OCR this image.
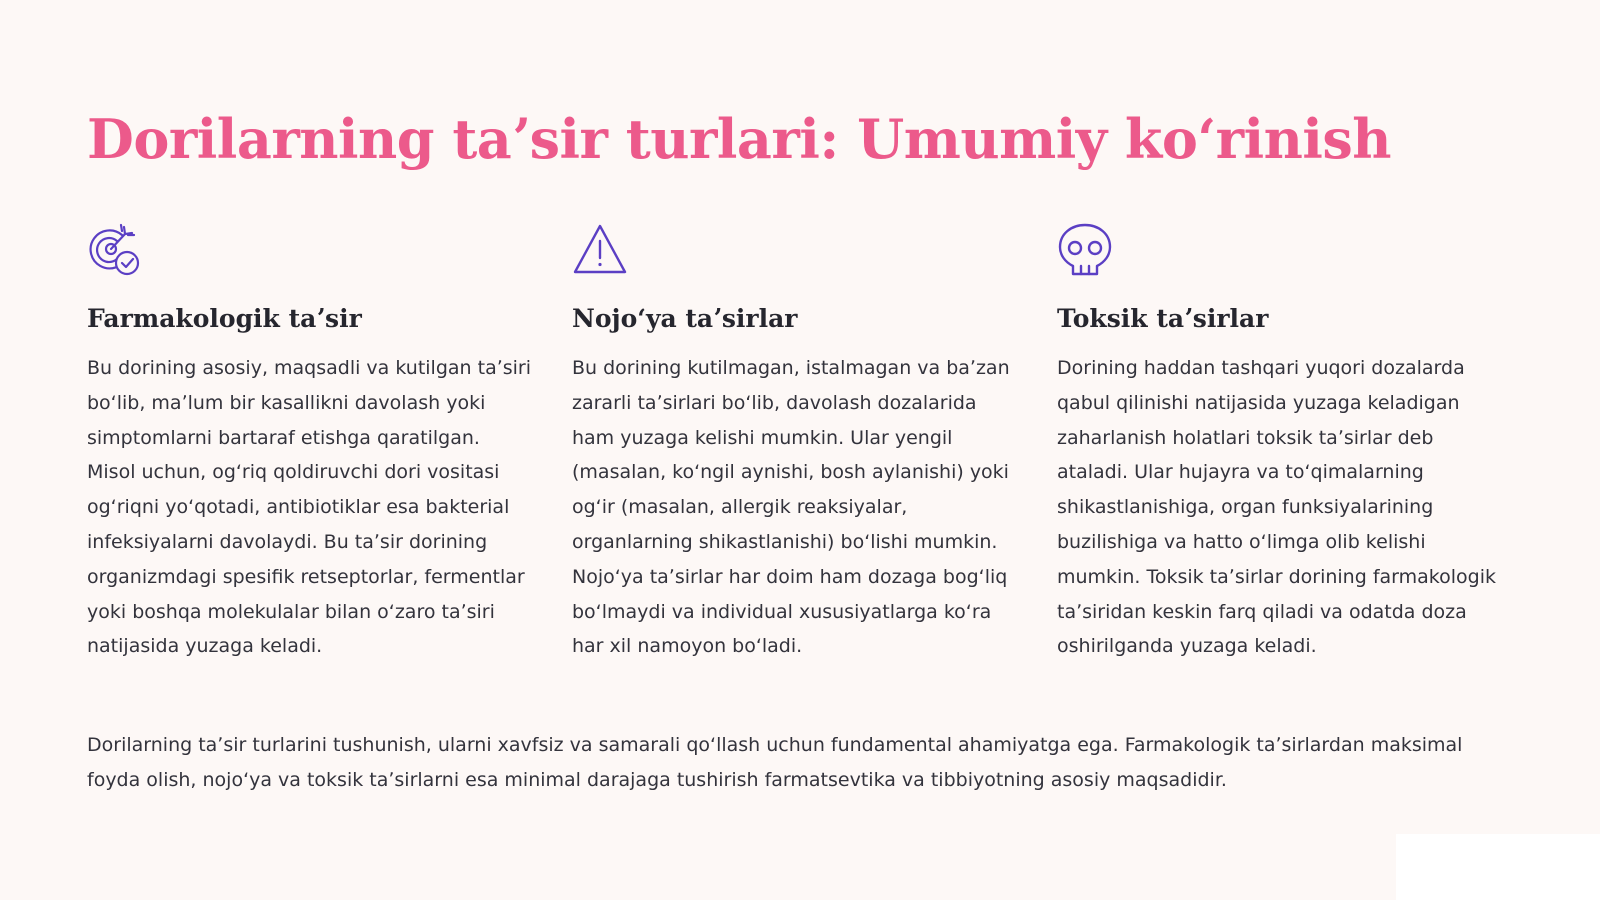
Dorilarning taʼsir turlari: Umumiy koʻrinish
Farmakologik taʼsir

Bu dorining asosiy, maqsadli va kutilgan taʼsiri boʻlib, maʼlum bir kasallikni davolash yoki simptomlarni bartaraf etishga qaratilgan. Misol uchun, ogʻriq qoldiruvchi dori vositasi ogʻriqni yoʻqotadi, antibiotiklar esa bakterial infeksiyalarni davolaydi. Bu taʼsir dorining organizmdagi spesifik retseptorlar, fermentlar yoki boshqa molekulalar bilan oʻzaro taʼsiri natijasida yuzaga keladi.

Nojoʻya taʼsirlar

Bu dorining kutilmagan, istalmagan va baʼzan zararli taʼsirlari boʻlib, davolash dozalarida ham yuzaga kelishi mumkin. Ular yengil (masalan, koʻngil aynishi, bosh aylanishi) yoki ogʻir (masalan, allergik reaksiyalar, organlarning shikastlanishi) boʻlishi mumkin. Nojoʻya taʼsirlar har doim ham dozaga bogʻliq boʻlmaydi va individual xususiyatlarga koʻra har xil namoyon boʻladi.

Toksik taʼsirlar

Dorining haddan tashqari yuqori dozalarda qabul qilinishi natijasida yuzaga keladigan zaharlanish holatlari toksik taʼsirlar deb ataladi. Ular hujayra va toʻqimalarning shikastlanishiga, organ funksiyalarining buzilishiga va hatto oʻlimga olib kelishi mumkin. Toksik taʼsirlar dorining farmakologik taʼsiridan keskin farq qiladi va odatda doza oshirilganda yuzaga keladi.

Dorilarning taʼsir turlarini tushunish, ularni xavfsiz va samarali qoʻllash uchun fundamental ahamiyatga ega. Farmakologik taʼsirlardan maksimal foyda olish, nojoʻya va toksik taʼsirlarni esa minimal darajaga tushirish farmatsevtika va tibbiyotning asosiy maqsadidir.
